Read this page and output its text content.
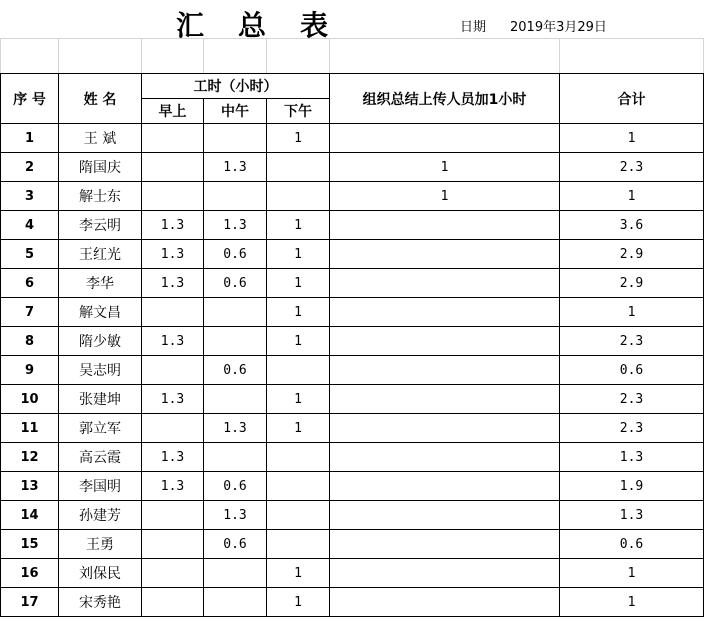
汇总表	日期 2019年3月29日

序 号	姓 名	工时（小时）			组织总结上传人员加1小时	合计
		早上	中午	下午		
1	王 斌			1		1
2	隋国庆		1.3		1	2.3
3	解士东				1	1
4	李云明	1.3	1.3	1		3.6
5	王红光	1.3	0.6	1		2.9
6	李华	1.3	0.6	1		2.9
7	解文昌			1		1
8	隋少敏	1.3		1		2.3
9	吴志明		0.6			0.6
10	张建坤	1.3		1		2.3
11	郭立军		1.3	1		2.3
12	高云霞	1.3				1.3
13	李国明	1.3	0.6			1.9
14	孙建芳		1.3			1.3
15	王勇		0.6			0.6
16	刘保民			1		1
17	宋秀艳			1		1
